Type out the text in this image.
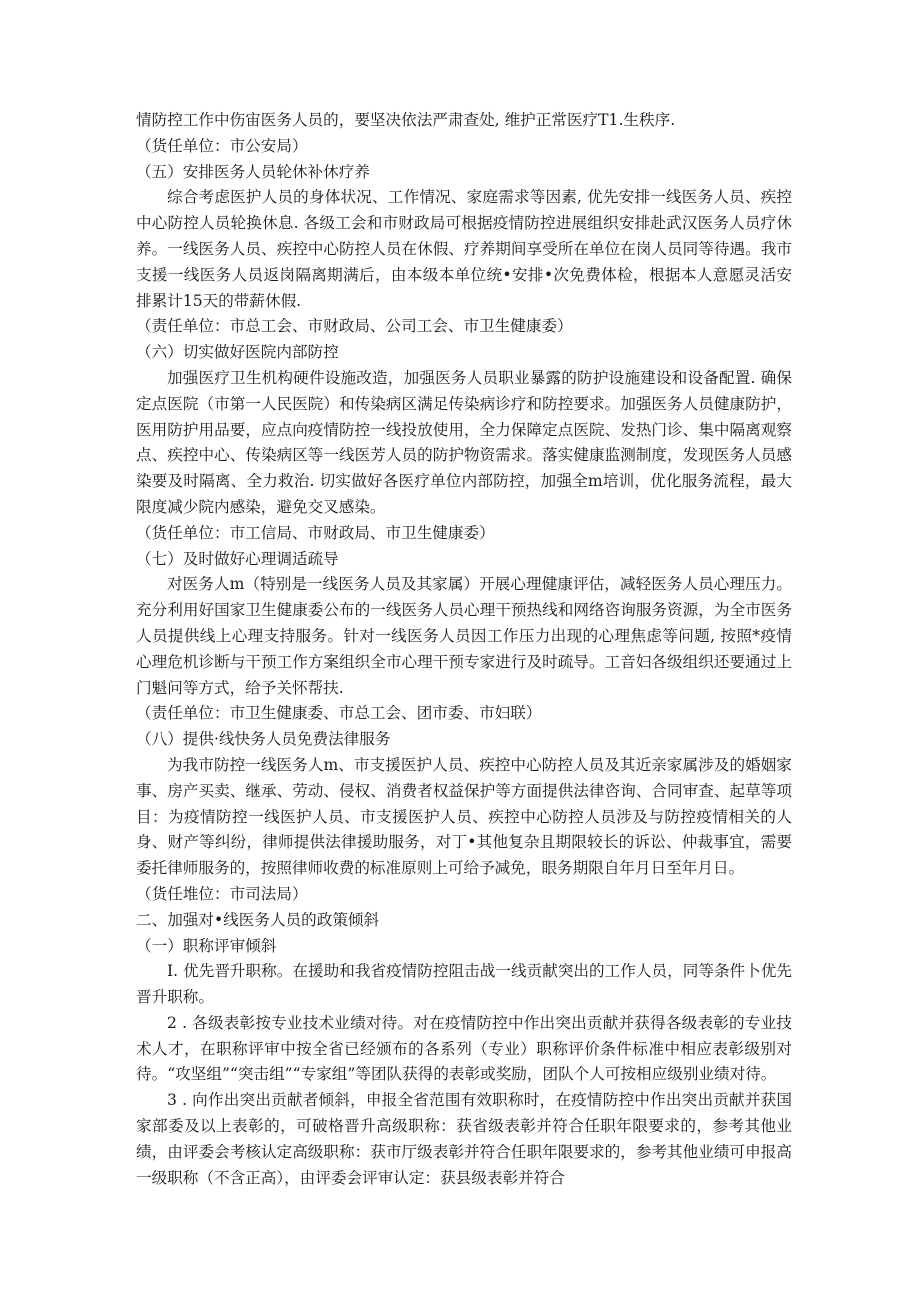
情防控工作中伤宙医务人员的，要坚决依法严肃查处, 维护正常医疗T1.生秩序.

（货任单位：市公安局）

（五）安排医务人员轮休补休疗养

综合考虑医护人员的身体状况、工作情况、家庭需求等因素, 优先安排一线医务人员、疾控中心防控人员轮换休息. 各级工会和市财政局可根据疫情防控进展组织安排赴武汉医务人员疗休养。一线医务人员、疾控中心防控人员在休假、疗养期间享受所在单位在岗人员同等待遇。我市支援一线医务人员返岗隔离期满后，由本级本单位统•安排•次免费体检，根据本人意愿灵活安排累计15天的带薪休假.

（责任单位：市总工会、市财政局、公司工会、市卫生健康委）

（六）切实做好医院内部防控

加强医疗卫生机构硬件设施改造，加强医务人员职业暴露的防护设施建设和设备配置. 确保定点医院（市第一人民医院）和传染病区满足传染病诊疗和防控要求。加强医务人员健康防护，医用防护用品要，应点向疫情防控一线投放使用，全力保障定点医院、发热门诊、集中隔离观察点、疾控中心、传染病区等一线医芳人员的防护物资需求。落实健康监测制度，发现医务人员感染要及时隔离、全力救治. 切实做好各医疗单位内部防控，加强全m培训，优化服务流程，最大限度减少院内感染，避免交叉感染。

（货任单位：市工信局、市财政局、市卫生健康委）

（七）及时做好心理调适疏导

对医务人m（特别是一线医务人员及其家属）开展心理健康评估，减轻医务人员心理压力。充分利用好国家卫生健康委公布的一线医务人员心理干预热线和网络咨询服务资源，为全市医务人员提供线上心理支持服务。针对一线医务人员因工作压力出现的心理焦虑等问题, 按照*疫情心理危机诊断与干预工作方案组织全市心理干预专家进行及时疏导。工音妇各级组织还要通过上门魁问等方式，给予关怀帮扶.

（责任单位：市卫生健康委、市总工会、团市委、市妇联）

（八）提供·线快务人员免费法律服务

为我市防控一线医务人m、市支援医护人员、疾控中心防控人员及其近亲家属涉及的婚姻家事、房产买卖、继承、劳动、侵权、消费者权益保护等方面提供法律咨询、合同审查、起草等项目：为疫情防控一线医护人员、市支援医护人员、疾控中心防控人员涉及与防控疫情相关的人身、财产等纠纷，律师提供法律援助服务，对丁•其他复杂且期限较长的诉讼、仲裁事宜，需要委托律师服务的，按照律师收费的标准原则上可给予减免，眼务期限自年月日至年月日。

（货任堆位：市司法局）

二、加强对•线医务人员的政策倾斜

（一）职称评审倾斜

I. 优先晋升职称。在援助和我省疫情防控阻击战一线贡献突出的工作人员，同等条件卜优先晋升职称。

2 . 各级表彰按专业技术业绩对待。对在疫情防控中作出突出贡献并获得各级表彰的专业技术人才，在职称评审中按全省已经颁布的各系列（专业）职称评价条件标准中相应表彰级别对待。“攻坚组”“突击组”“专家组”等团队获得的表彰或奖励，团队个人可按相应级别业绩对待。

3 . 向作出突出贡献者倾斜，申报全省范围有效职称时，在疫情防控中作出突出贡献并获国家部委及以上表彰的，可破格晋升高级职称：获省级表彰并符合任职年限要求的，参考其他业绩，由评委会考核认定高级职称：获市厅级表彰并符合任职年限要求的，参考其他业绩可申报高一级职称（不含正高），由评委会评审认定：获县级表彰并符合
